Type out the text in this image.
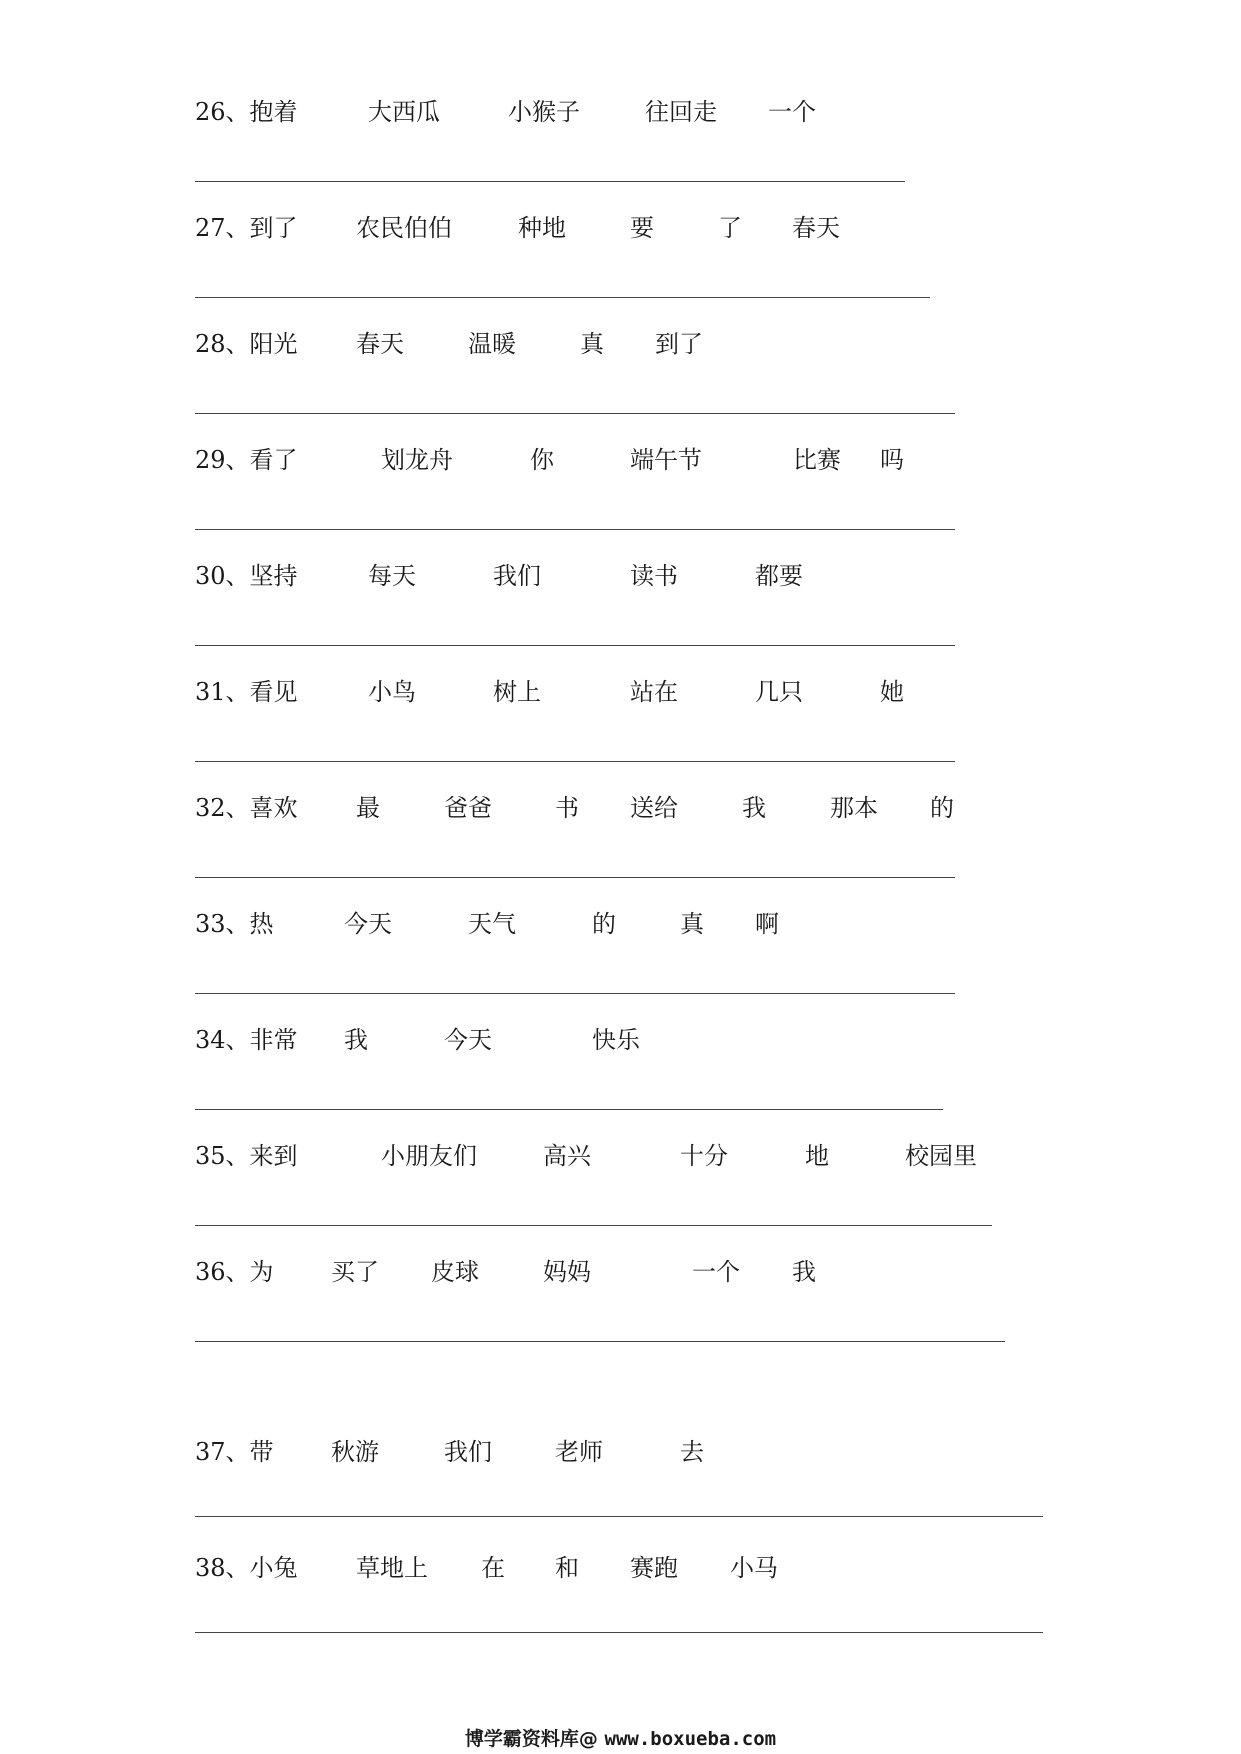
26、抱着	大西瓜	小猴子	往回走 一个
27、到了 农民伯伯	种地	要	了 春天
28、阳光 春天	温暖	真 到了
29、看了	划龙舟	你	端午节	比赛 吗
30、坚持	每天	我们	读书	都要
31、看见	小鸟	树上	站在	几只	她
32、喜欢 最	爸爸	书 送给	我	那本 的
33、热	今天	天气	的	真 啊
34、非常 我	今天	快乐
35、来到	小朋友们	高兴	十分	地	校园里
36、为 买了 皮球	妈妈	一个 我
37、带 秋游	我们	老师	去
38、小兔 草地上 在 和 赛跑 小马
博学霸资料库@ www.boxueba.com
